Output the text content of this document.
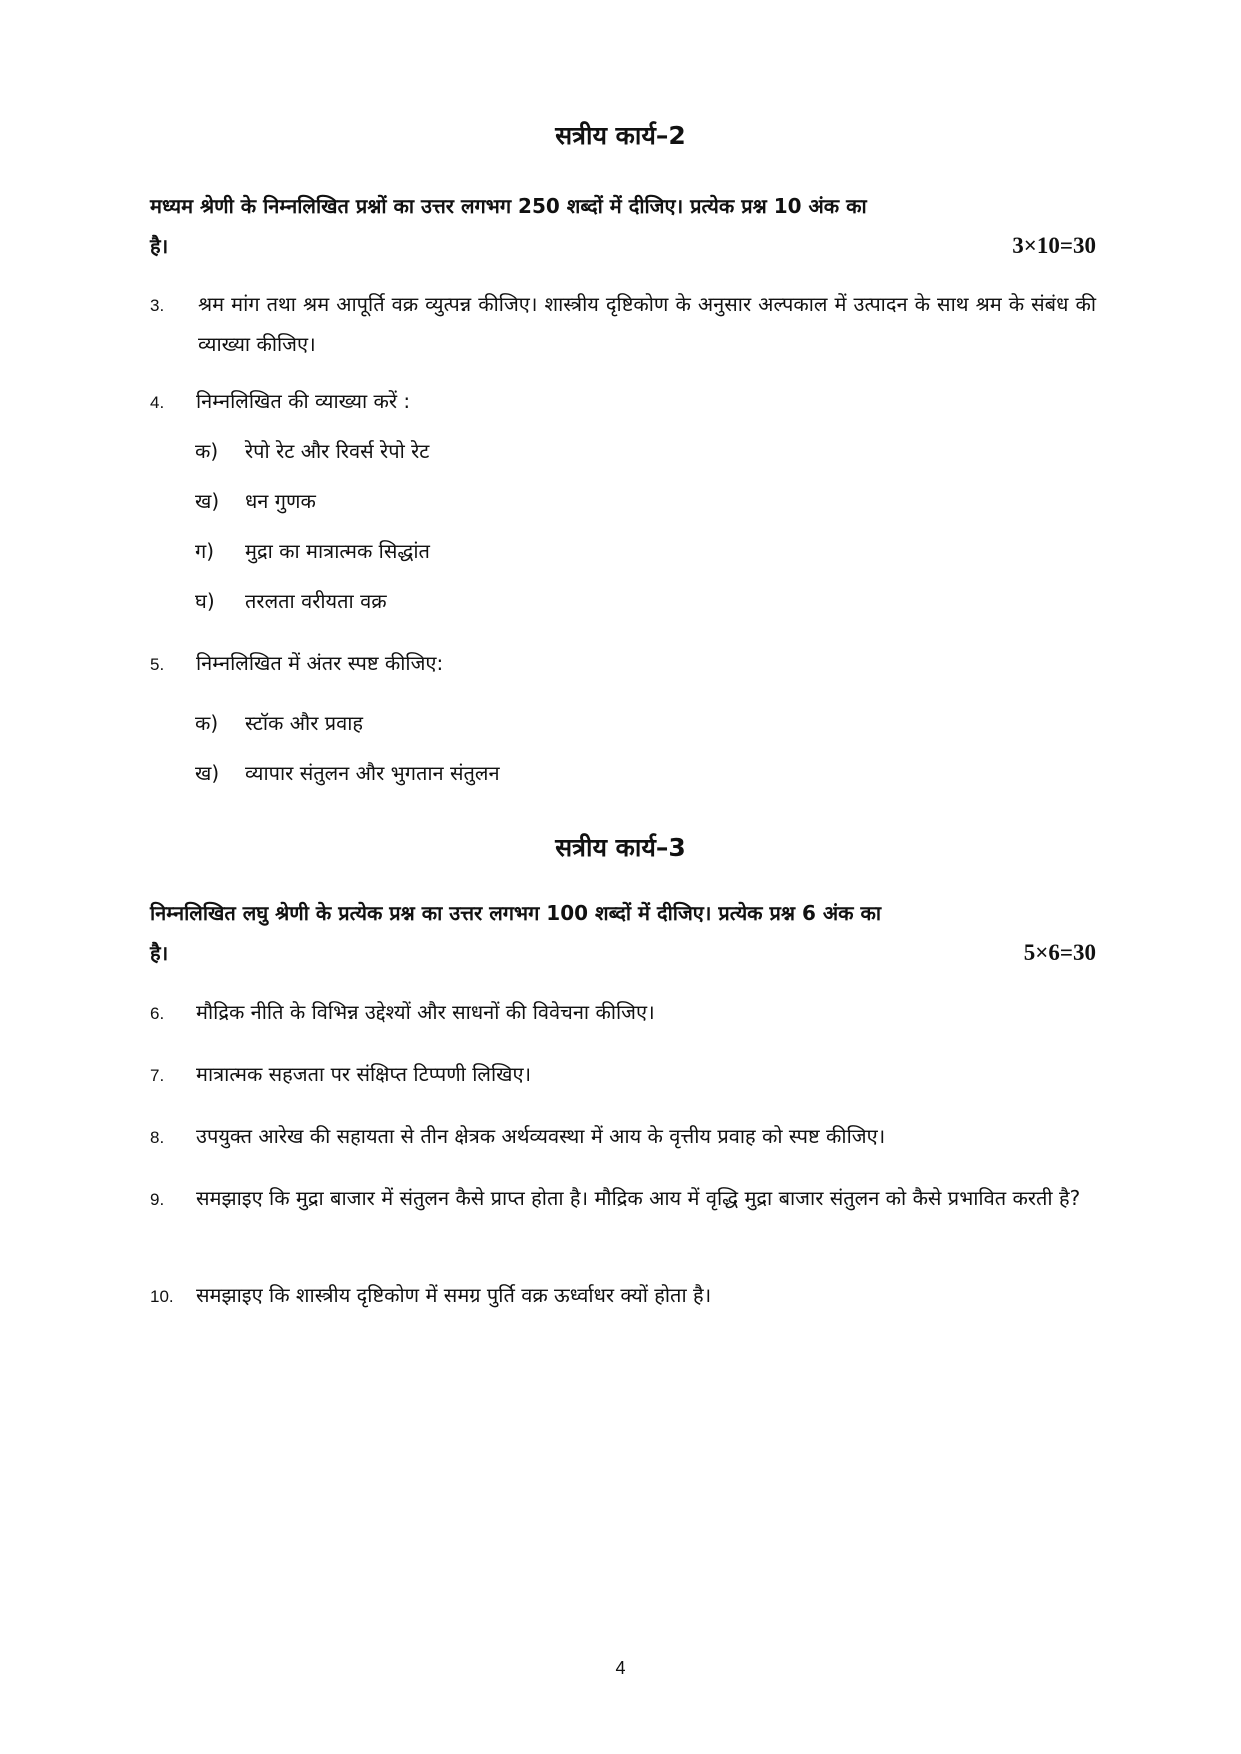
सत्रीय कार्य–2
मध्यम श्रेणी के निम्नलिखित प्रश्नों का उत्तर लगभग 250 शब्दों में दीजिए। प्रत्येक प्रश्न 10 अंक का
है।	3×10=30
3. श्रम मांग तथा श्रम आपूर्ति वक्र व्युत्पन्न कीजिए। शास्त्रीय दृष्टिकोण के अनुसार अल्पकाल में उत्पादन के साथ श्रम के संबंध की व्याख्या कीजिए।
4. निम्नलिखित की व्याख्या करें :
क) रेपो रेट और रिवर्स रेपो रेट
ख) धन गुणक
ग) मुद्रा का मात्रात्मक सिद्धांत
घ) तरलता वरीयता वक्र
5. निम्नलिखित में अंतर स्पष्ट कीजिए:
क) स्टॉक और प्रवाह
ख) व्यापार संतुलन और भुगतान संतुलन
सत्रीय कार्य–3
निम्नलिखित लघु श्रेणी के प्रत्येक प्रश्न का उत्तर लगभग 100 शब्दों में दीजिए। प्रत्येक प्रश्न 6 अंक का
है।	5×6=30
6. मौद्रिक नीति के विभिन्न उद्देश्यों और साधनों की विवेचना कीजिए।
7. मात्रात्मक सहजता पर संक्षिप्त टिप्पणी लिखिए।
8. उपयुक्त आरेख की सहायता से तीन क्षेत्रक अर्थव्यवस्था में आय के वृत्तीय प्रवाह को स्पष्ट कीजिए।
9. समझाइए कि मुद्रा बाजार में संतुलन कैसे प्राप्त होता है। मौद्रिक आय में वृद्धि मुद्रा बाजार संतुलन को कैसे प्रभावित करती है?
10. समझाइए कि शास्त्रीय दृष्टिकोण में समग्र पुर्ति वक्र ऊर्ध्वाधर क्यों होता है।
4
